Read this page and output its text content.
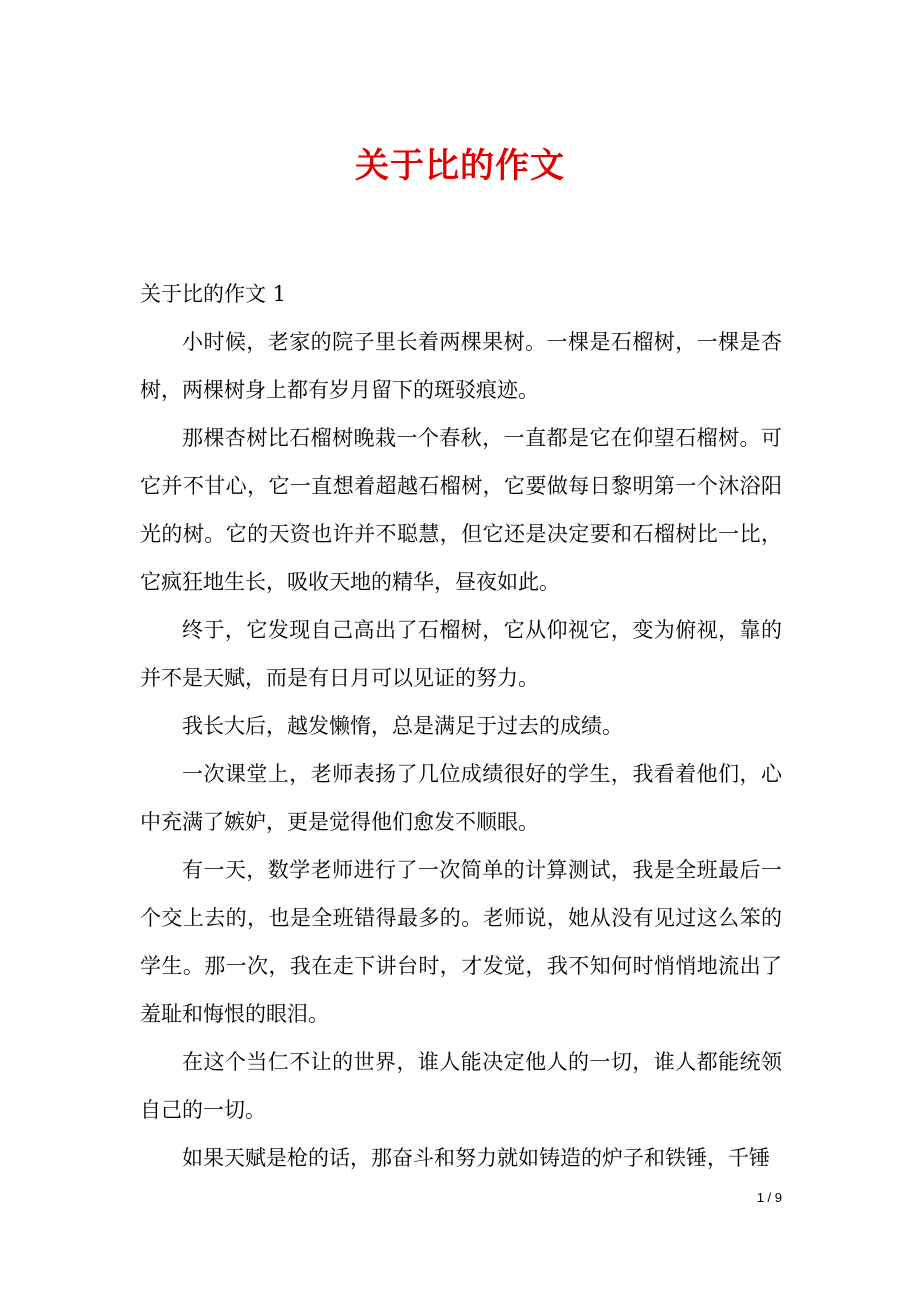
关于比的作文

关于比的作文 1

小时候，老家的院子里长着两棵果树。一棵是石榴树，一棵是杏树，两棵树身上都有岁月留下的斑驳痕迹。

那棵杏树比石榴树晚栽一个春秋，一直都是它在仰望石榴树。可它并不甘心，它一直想着超越石榴树，它要做每日黎明第一个沐浴阳光的树。它的天资也许并不聪慧，但它还是决定要和石榴树比一比，它疯狂地生长，吸收天地的精华，昼夜如此。

终于，它发现自己高出了石榴树，它从仰视它，变为俯视，靠的并不是天赋，而是有日月可以见证的努力。

我长大后，越发懒惰，总是满足于过去的成绩。

一次课堂上，老师表扬了几位成绩很好的学生，我看着他们，心中充满了嫉妒，更是觉得他们愈发不顺眼。

有一天，数学老师进行了一次简单的计算测试，我是全班最后一个交上去的，也是全班错得最多的。老师说，她从没有见过这么笨的学生。那一次，我在走下讲台时，才发觉，我不知何时悄悄地流出了羞耻和悔恨的眼泪。

在这个当仁不让的世界，谁人能决定他人的一切，谁人都能统领自己的一切。

如果天赋是枪的话，那奋斗和努力就如铸造的炉子和铁锤，千锤

1 / 9
